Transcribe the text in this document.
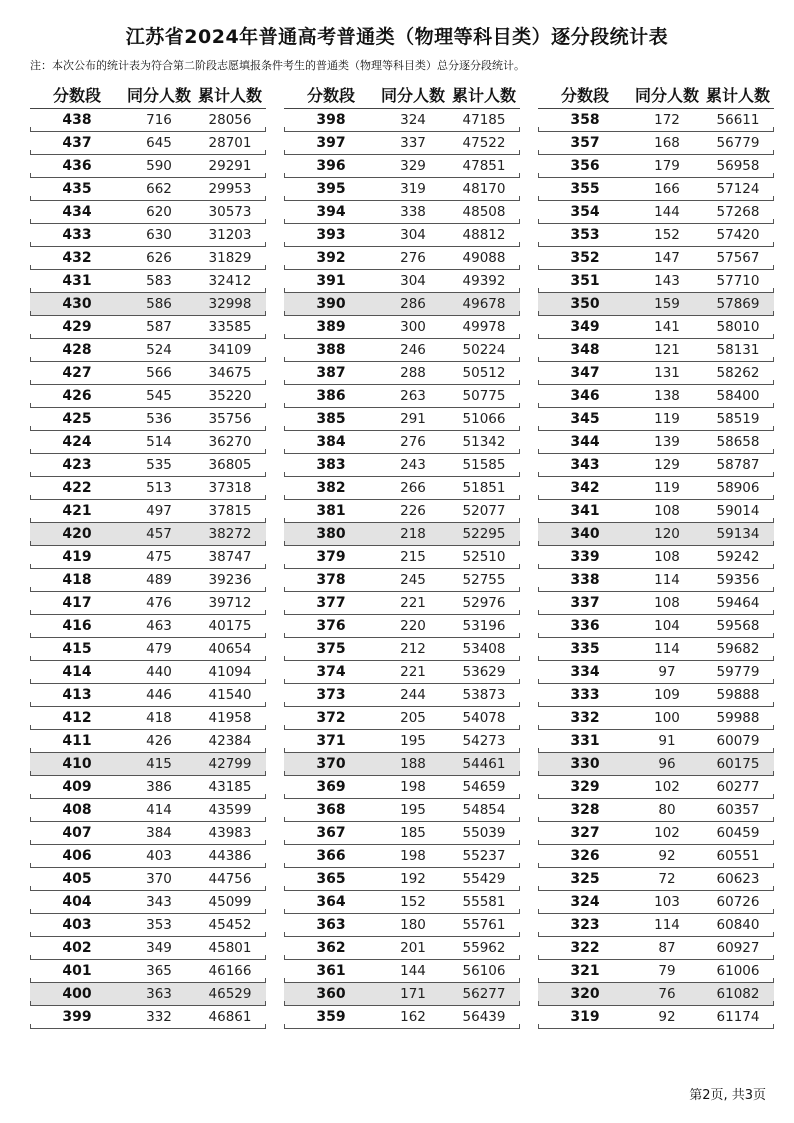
江苏省2024年普通高考普通类（物理等科目类）逐分段统计表
注：本次公布的统计表为符合第二阶段志愿填报条件考生的普通类（物理等科目类）总分逐分段统计。
分数段	同分人数 累计人数
438	716	28056
437	645	28701
436	590	29291
435	662	29953
434	620	30573
433	630	31203
432	626	31829
431	583	32412
430	586	32998
429	587	33585
428	524	34109
427	566	34675
426	545	35220
425	536	35756
424	514	36270
423	535	36805
422	513	37318
421	497	37815
420	457	38272
419	475	38747
418	489	39236
417	476	39712
416	463	40175
415	479	40654
414	440	41094
413	446	41540
412	418	41958
411	426	42384
410	415	42799
409	386	43185
408	414	43599
407	384	43983
406	403	44386
405	370	44756
404	343	45099
403	353	45452
402	349	45801
401	365	46166
400	363	46529
399	332	46861
分数段	同分人数 累计人数
398	324	47185
397	337	47522
396	329	47851
395	319	48170
394	338	48508
393	304	48812
392	276	49088
391	304	49392
390	286	49678
389	300	49978
388	246	50224
387	288	50512
386	263	50775
385	291	51066
384	276	51342
383	243	51585
382	266	51851
381	226	52077
380	218	52295
379	215	52510
378	245	52755
377	221	52976
376	220	53196
375	212	53408
374	221	53629
373	244	53873
372	205	54078
371	195	54273
370	188	54461
369	198	54659
368	195	54854
367	185	55039
366	198	55237
365	192	55429
364	152	55581
363	180	55761
362	201	55962
361	144	56106
360	171	56277
359	162	56439
分数段	同分人数 累计人数
358	172	56611
357	168	56779
356	179	56958
355	166	57124
354	144	57268
353	152	57420
352	147	57567
351	143	57710
350	159	57869
349	141	58010
348	121	58131
347	131	58262
346	138	58400
345	119	58519
344	139	58658
343	129	58787
342	119	58906
341	108	59014
340	120	59134
339	108	59242
338	114	59356
337	108	59464
336	104	59568
335	114	59682
334	97	59779
333	109	59888
332	100	59988
331	91	60079
330	96	60175
329	102	60277
328	80	60357
327	102	60459
326	92	60551
325	72	60623
324	103	60726
323	114	60840
322	87	60927
321	79	61006
320	76	61082
319	92	61174
第2页, 共3页
